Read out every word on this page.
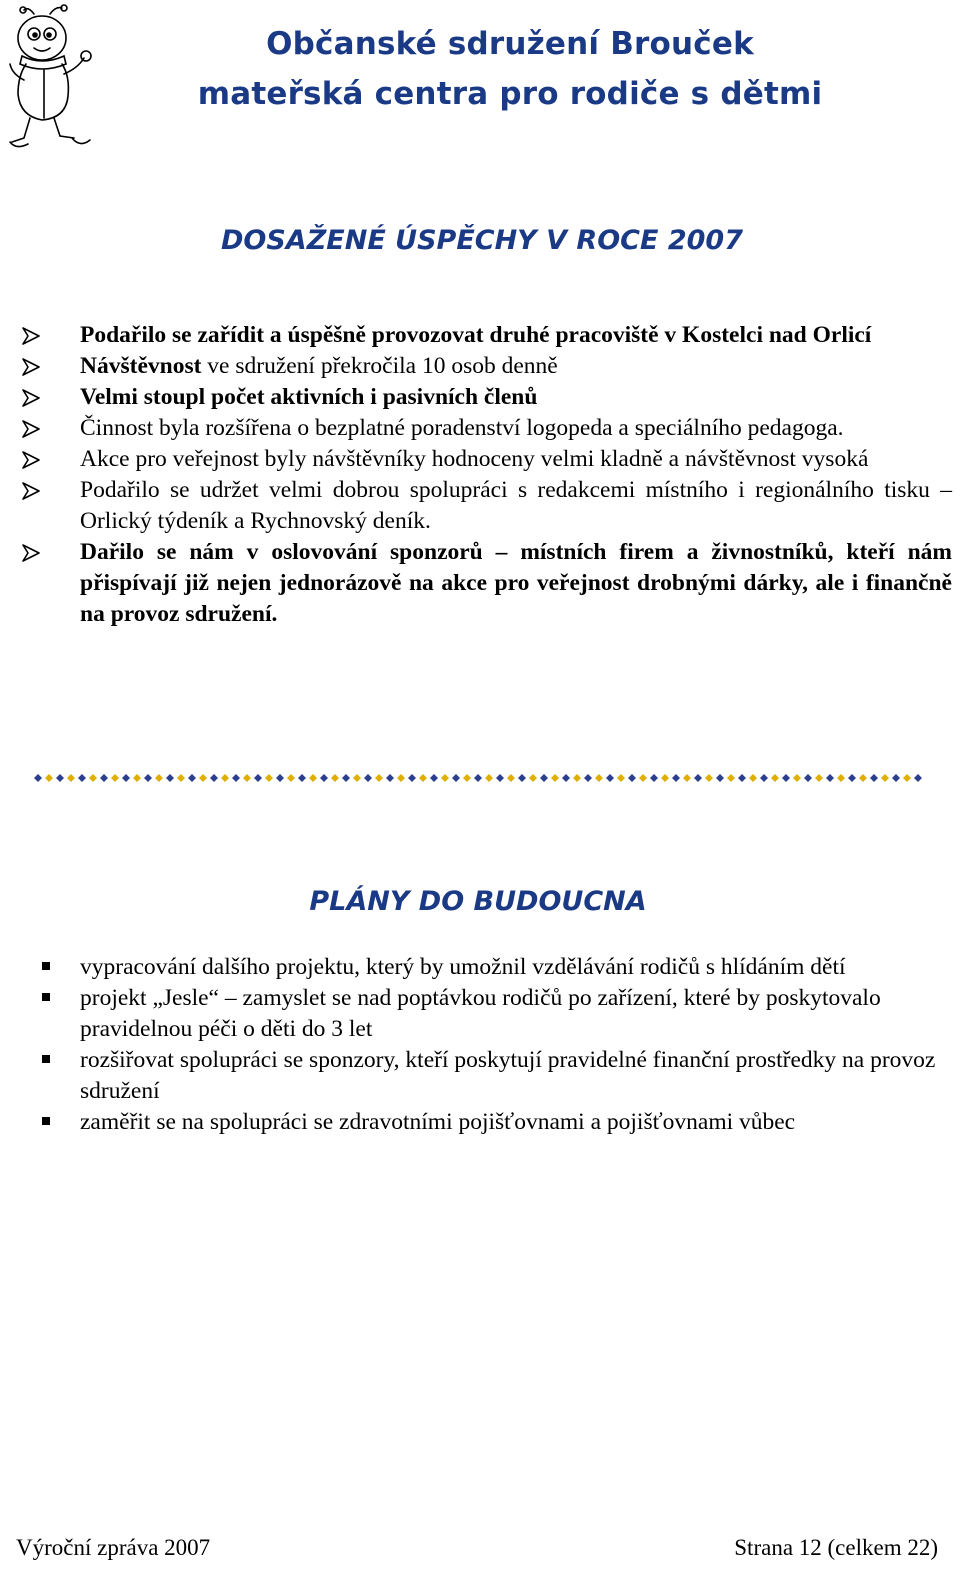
Občanské sdružení Brouček
mateřská centra pro rodiče s dětmi
DOSAŽENÉ ÚSPĚCHY V ROCE 2007
Podařilo se zařídit a úspěšně provozovat druhé pracoviště v Kostelci nad Orlicí
Návštěvnost ve sdružení překročila 10 osob denně
Velmi stoupl počet aktivních i pasivních členů
Činnost byla rozšířena o bezplatné poradenství logopeda a speciálního pedagoga.
Akce pro veřejnost byly návštěvníky hodnoceny velmi kladně a návštěvnost vysoká
Podařilo se udržet velmi dobrou spolupráci s redakcemi místního i regionálního tisku – Orlický týdeník a Rychnovský deník.
Dařilo se nám v oslovování sponzorů – místních firem a živnostníků, kteří nám přispívají již nejen jednorázově na akce pro veřejnost drobnými dárky, ale i finančně na provoz sdružení.
PLÁNY DO BUDOUCNA
vypracování dalšího projektu, který by umožnil vzdělávání rodičů s hlídáním dětí
projekt „Jesle“ – zamyslet se nad poptávkou rodičů po zařízení, které by poskytovalo pravidelnou péči o děti do 3 let
rozšiřovat spolupráci se sponzory, kteří poskytují pravidelné finanční prostředky na provoz sdružení
zaměřit se na spolupráci se zdravotními pojišťovnami a pojišťovnami vůbec
Výroční zpráva 2007	Strana 12 (celkem 22)
